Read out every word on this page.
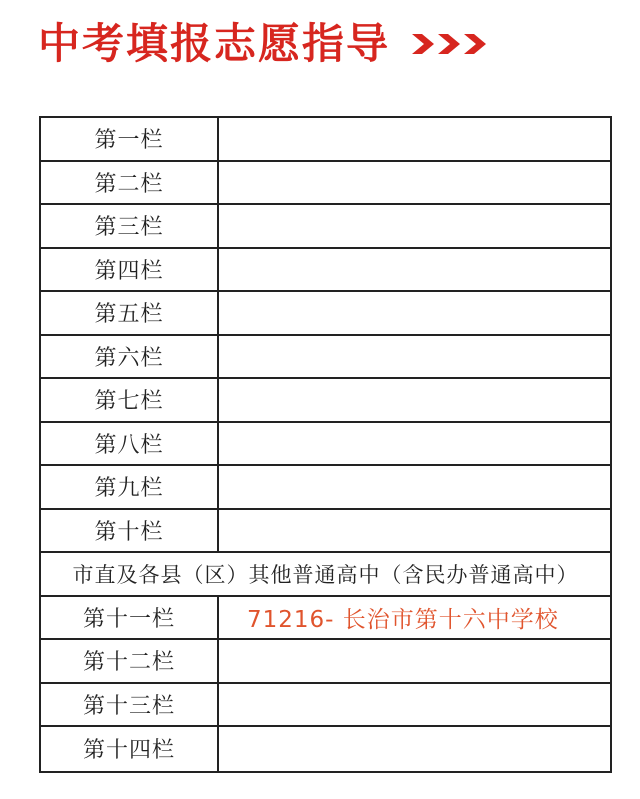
中考填报志愿指导
第一栏
第二栏
第三栏
第四栏
第五栏
第六栏
第七栏
第八栏
第九栏
第十栏
市直及各县（区）其他普通高中（含民办普通高中）
第十一栏	71216- 长治市第十六中学校
第十二栏
第十三栏
第十四栏
